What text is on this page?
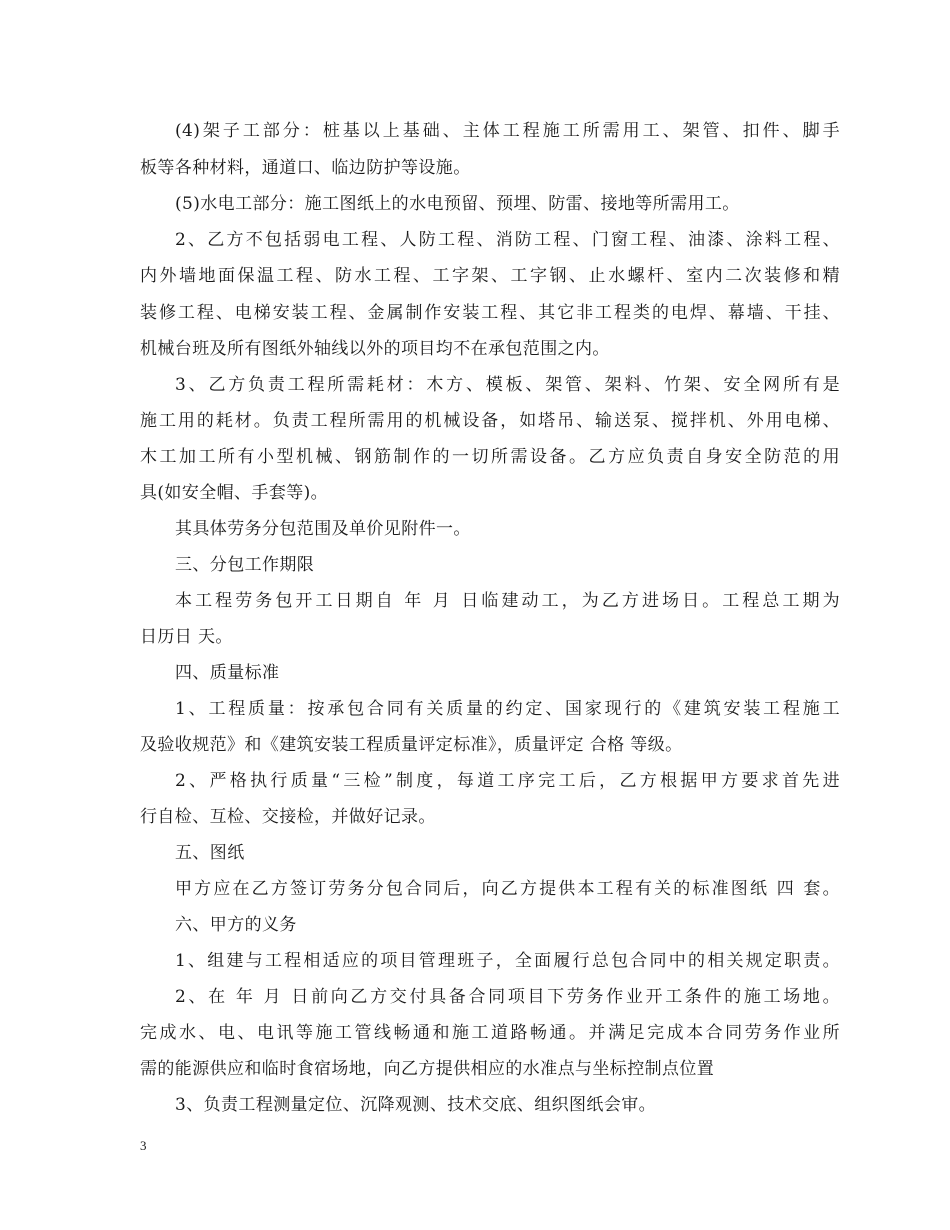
(4)架子工部分：桩基以上基础、主体工程施工所需用工、架管、扣件、脚手
板等各种材料，通道口、临边防护等设施。
(5)水电工部分：施工图纸上的水电预留、预埋、防雷、接地等所需用工。
2、乙方不包括弱电工程、人防工程、消防工程、门窗工程、油漆、涂料工程、
内外墙地面保温工程、防水工程、工字架、工字钢、止水螺杆、室内二次装修和精
装修工程、电梯安装工程、金属制作安装工程、其它非工程类的电焊、幕墙、干挂、
机械台班及所有图纸外轴线以外的项目均不在承包范围之内。
3、乙方负责工程所需耗材：木方、模板、架管、架料、竹架、安全网所有是
施工用的耗材。负责工程所需用的机械设备，如塔吊、输送泵、搅拌机、外用电梯、
木工加工所有小型机械、钢筋制作的一切所需设备。乙方应负责自身安全防范的用
具(如安全帽、手套等)。
其具体劳务分包范围及单价见附件一。
三、分包工作期限
本工程劳务包开工日期自 年 月 日临建动工，为乙方进场日。工程总工期为
日历日 天。
四、质量标准
1、工程质量：按承包合同有关质量的约定、国家现行的《建筑安装工程施工
及验收规范》和《建筑安装工程质量评定标准》，质量评定 合格 等级。
2、严格执行质量“三检”制度，每道工序完工后，乙方根据甲方要求首先进
行自检、互检、交接检，并做好记录。
五、图纸
甲方应在乙方签订劳务分包合同后，向乙方提供本工程有关的标准图纸 四 套。
六、甲方的义务
1、组建与工程相适应的项目管理班子，全面履行总包合同中的相关规定职责。
2、在 年 月 日前向乙方交付具备合同项目下劳务作业开工条件的施工场地。
完成水、电、电讯等施工管线畅通和施工道路畅通。并满足完成本合同劳务作业所
需的能源供应和临时食宿场地，向乙方提供相应的水准点与坐标控制点位置
3、负责工程测量定位、沉降观测、技术交底、组织图纸会审。
3
